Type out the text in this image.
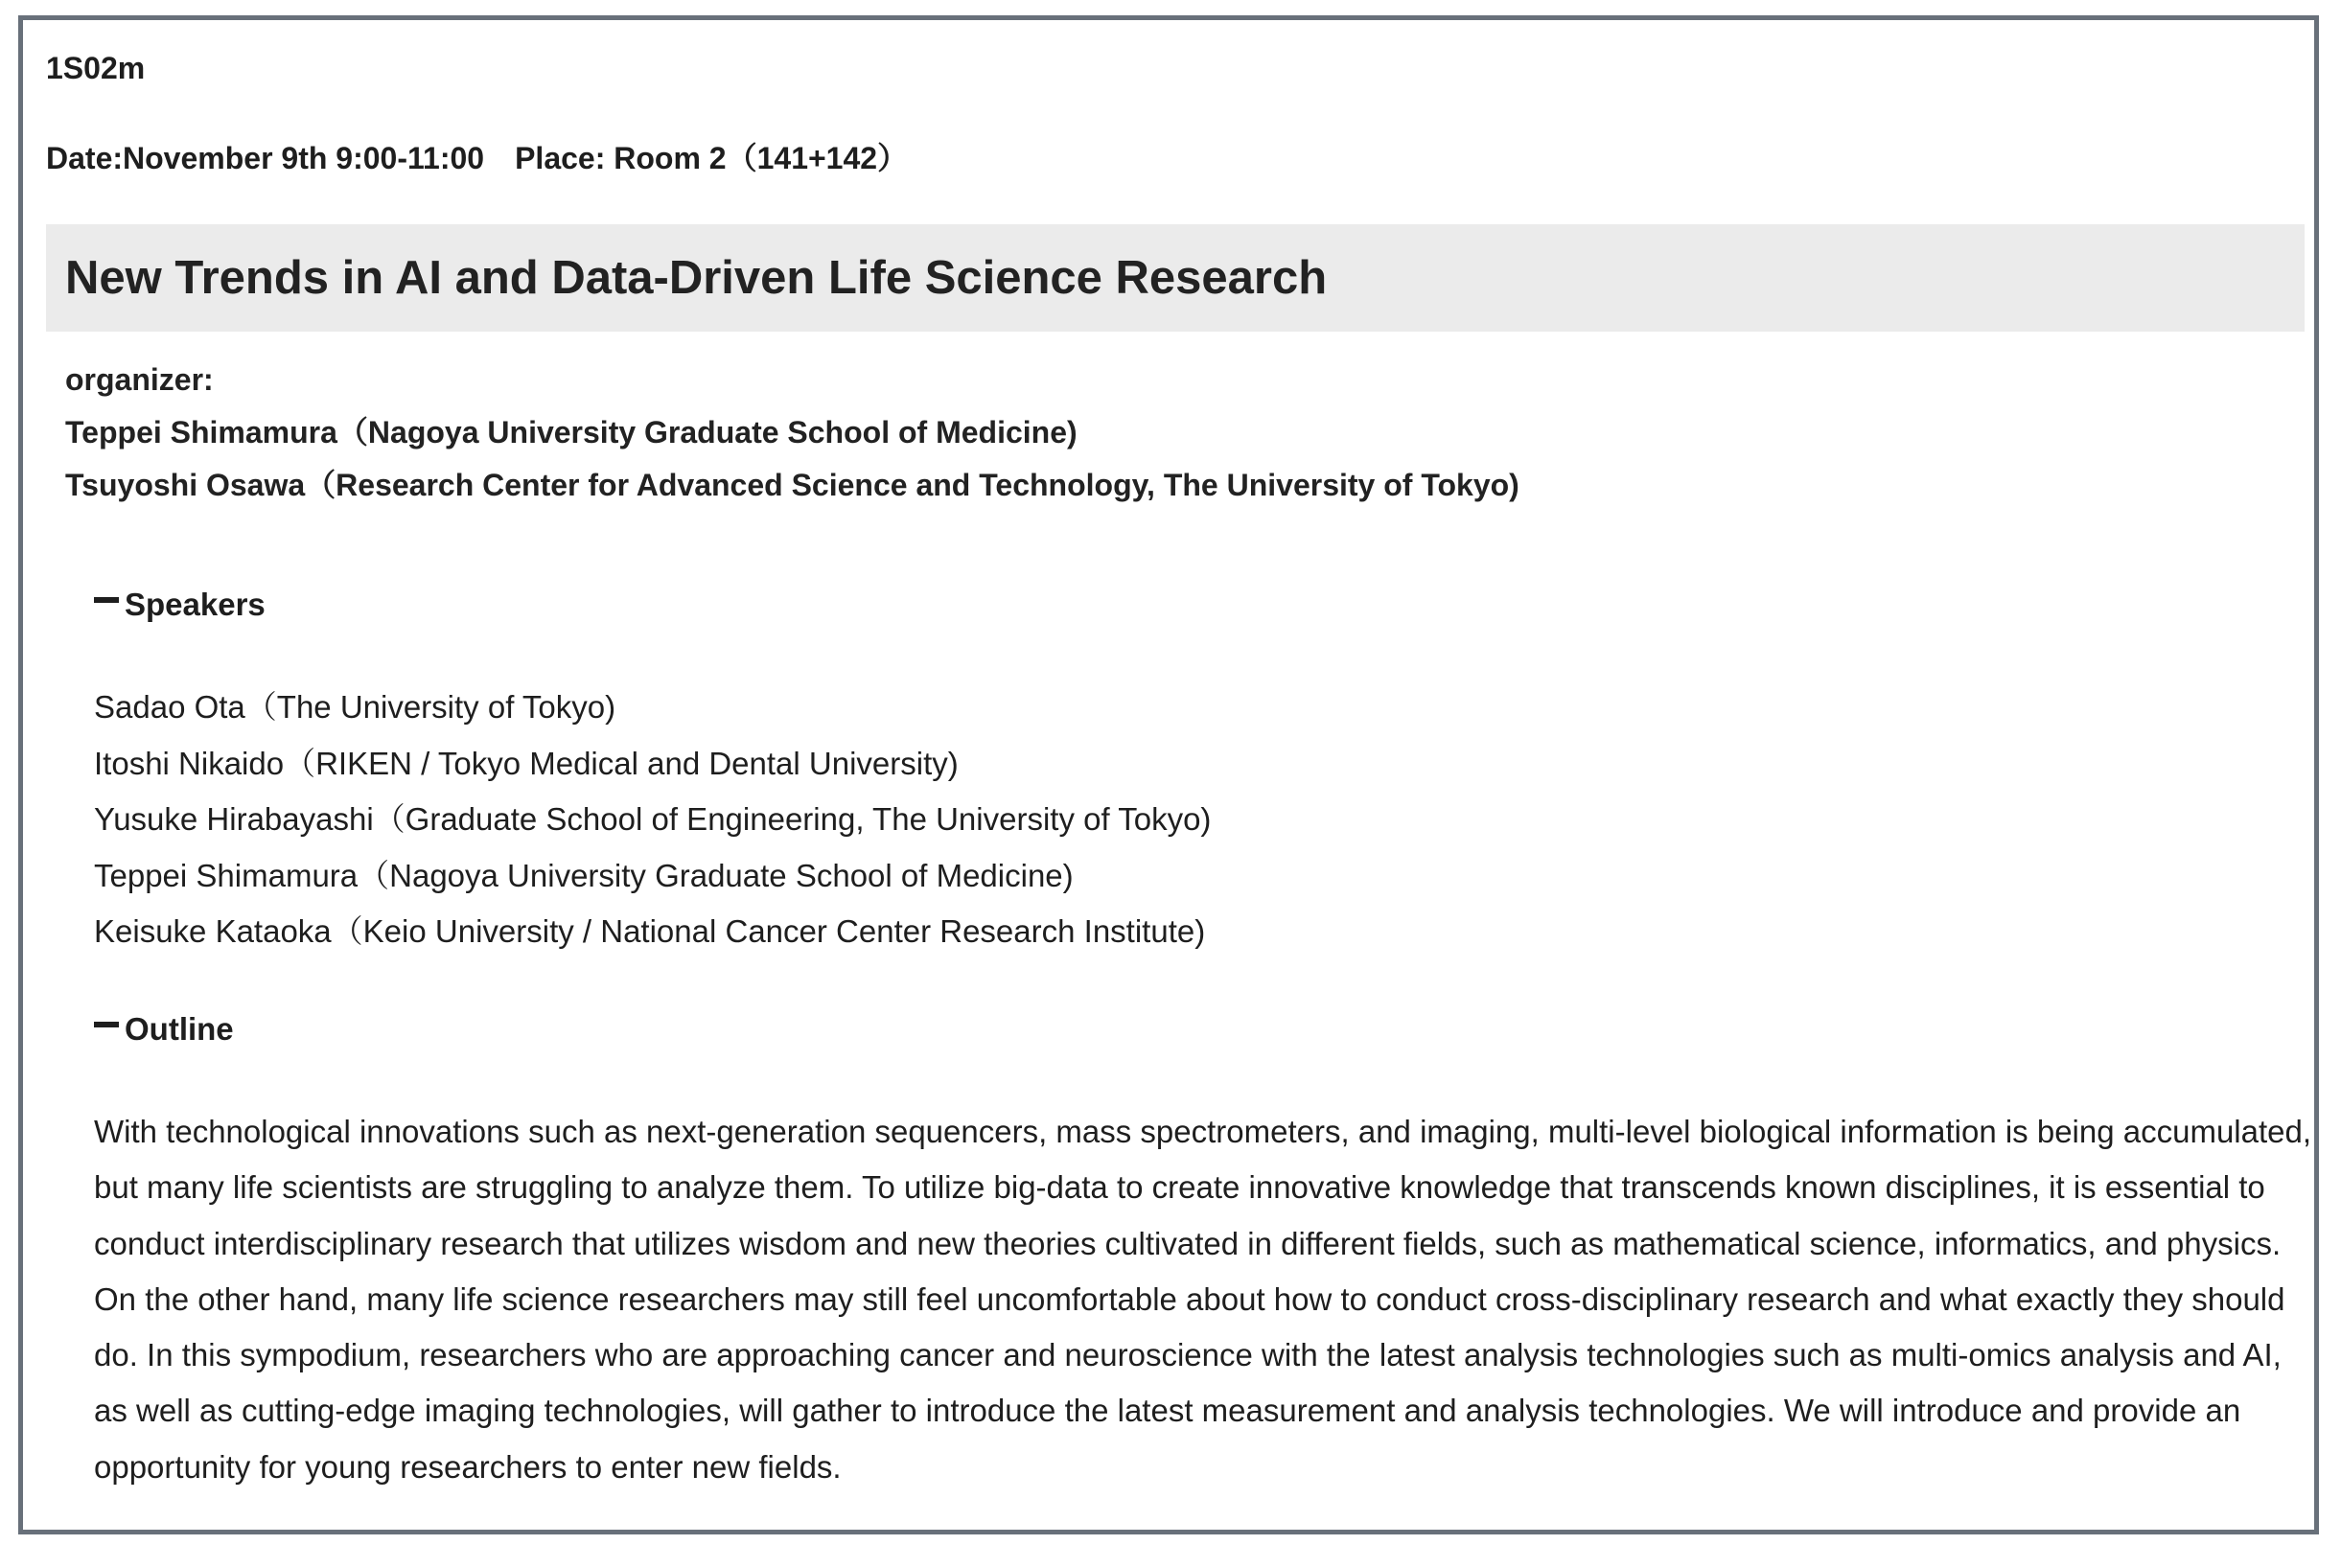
1S02m
Date:November 9th 9:00-11:00 Place: Room 2（141+142）
New Trends in AI and Data-Driven Life Science Research
organizer:
Teppei Shimamura（Nagoya University Graduate School of Medicine)
Tsuyoshi Osawa（Research Center for Advanced Science and Technology, The University of Tokyo)
Speakers
Sadao Ota（The University of Tokyo)
Itoshi Nikaido（RIKEN / Tokyo Medical and Dental University)
Yusuke Hirabayashi（Graduate School of Engineering, The University of Tokyo)
Teppei Shimamura（Nagoya University Graduate School of Medicine)
Keisuke Kataoka（Keio University / National Cancer Center Research Institute)
Outline
With technological innovations such as next-generation sequencers, mass spectrometers, and imaging, multi-level biological information is being accumulated, but many life scientists are struggling to analyze them. To utilize big-data to create innovative knowledge that transcends known disciplines, it is essential to conduct interdisciplinary research that utilizes wisdom and new theories cultivated in different fields, such as mathematical science, informatics, and physics. On the other hand, many life science researchers may still feel uncomfortable about how to conduct cross-disciplinary research and what exactly they should do. In this sympodium, researchers who are approaching cancer and neuroscience with the latest analysis technologies such as multi-omics analysis and AI, as well as cutting-edge imaging technologies, will gather to introduce the latest measurement and analysis technologies. We will introduce and provide an opportunity for young researchers to enter new fields.
